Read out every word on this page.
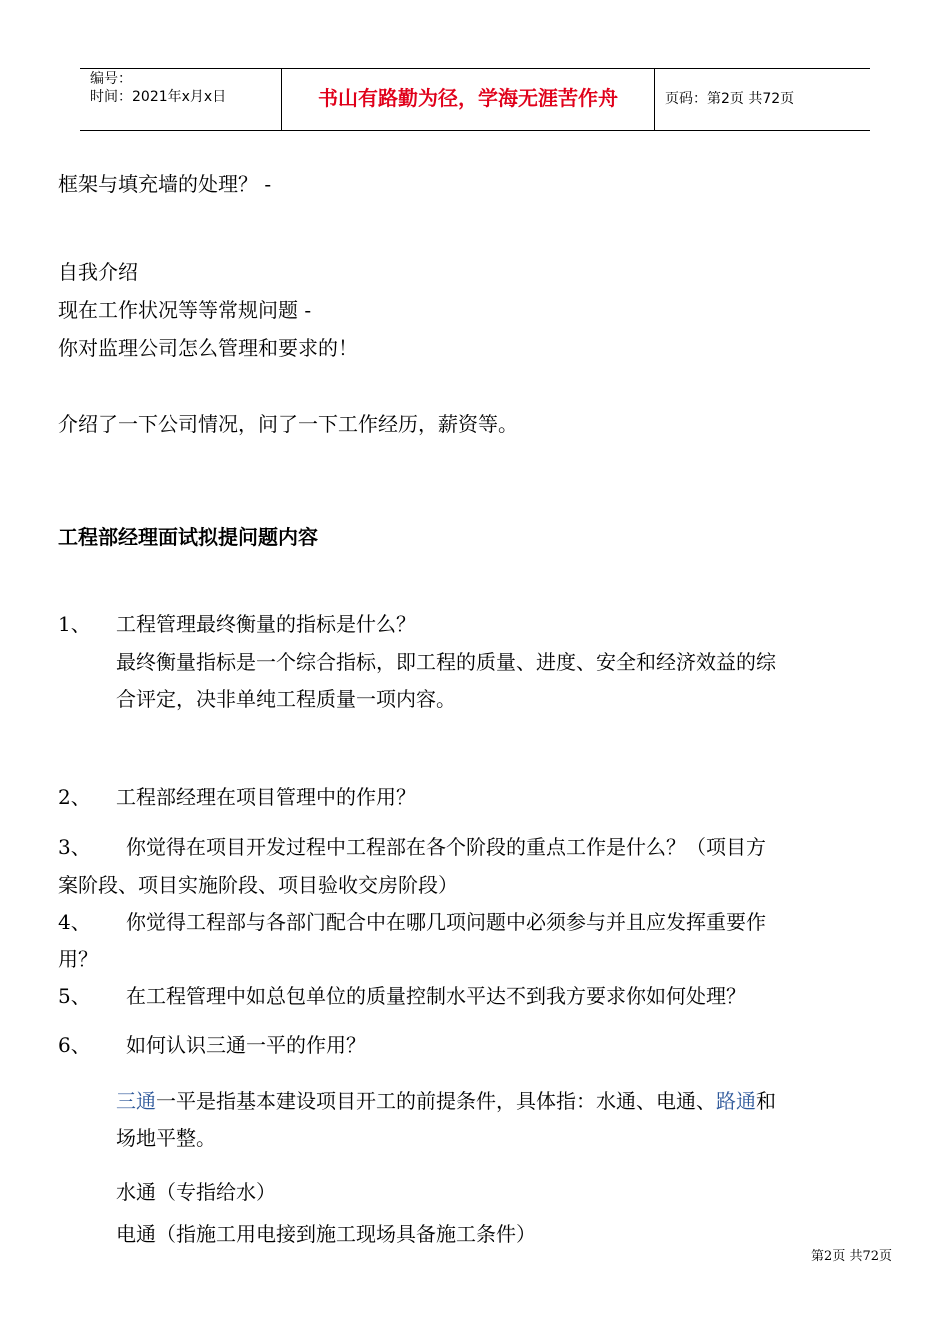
编号：
时间：2021年x月x日	书山有路勤为径，学海无涯苦作舟	页码：第2页 共72页
框架与填充墙的处理？ -
自我介绍
现在工作状况等等常规问题 -
你对监理公司怎么管理和要求的！
介绍了一下公司情况，问了一下工作经历，薪资等。
工程部经理面试拟提问题内容
1、 工程管理最终衡量的指标是什么？
最终衡量指标是一个综合指标，即工程的质量、进度、安全和经济效益的综
合评定，决非单纯工程质量一项内容。
2、 工程部经理在项目管理中的作用？
3、 你觉得在项目开发过程中工程部在各个阶段的重点工作是什么？（项目方
案阶段、项目实施阶段、项目验收交房阶段）
4、 你觉得工程部与各部门配合中在哪几项问题中必须参与并且应发挥重要作
用？
5、 在工程管理中如总包单位的质量控制水平达不到我方要求你如何处理？
6、 如何认识三通一平的作用？
三通一平是指基本建设项目开工的前提条件，具体指：水通、电通、路通和
场地平整。
水通（专指给水）
电通（指施工用电接到施工现场具备施工条件）
第2页 共72页
